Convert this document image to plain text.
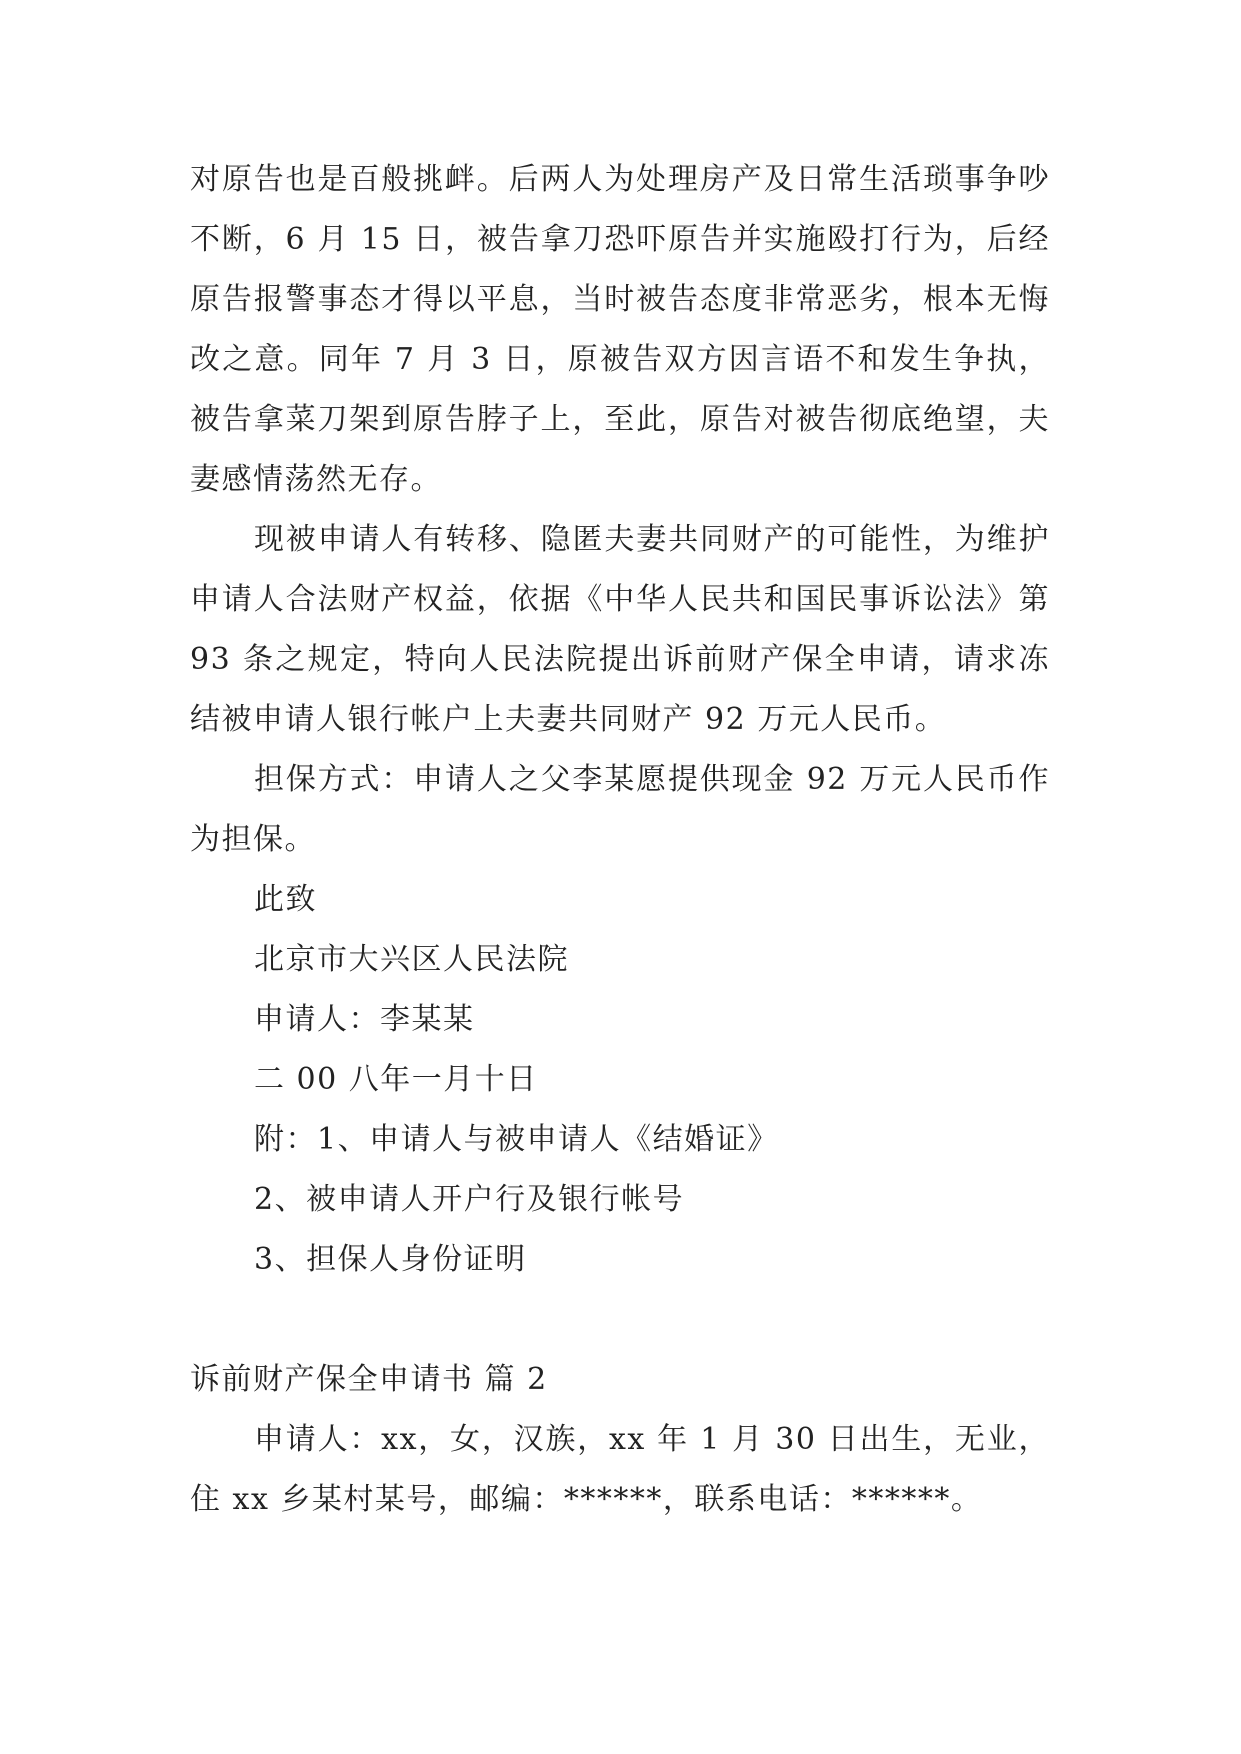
对原告也是百般挑衅。后两人为处理房产及日常生活琐事争吵不断，6 月 15 日，被告拿刀恐吓原告并实施殴打行为，后经原告报警事态才得以平息，当时被告态度非常恶劣，根本无悔改之意。同年 7 月 3 日，原被告双方因言语不和发生争执，被告拿菜刀架到原告脖子上，至此，原告对被告彻底绝望，夫妻感情荡然无存。

现被申请人有转移、隐匿夫妻共同财产的可能性，为维护申请人合法财产权益，依据《中华人民共和国民事诉讼法》第 93 条之规定，特向人民法院提出诉前财产保全申请，请求冻结被申请人银行帐户上夫妻共同财产 92 万元人民币。

担保方式：申请人之父李某愿提供现金 92 万元人民币作为担保。

此致

北京市大兴区人民法院

申请人：李某某

二 00 八年一月十日

附：1、申请人与被申请人《结婚证》

2、被申请人开户行及银行帐号

3、担保人身份证明

诉前财产保全申请书 篇 2

申请人：xx，女，汉族，xx 年 1 月 30 日出生，无业，住 xx 乡某村某号，邮编：******，联系电话：******。
